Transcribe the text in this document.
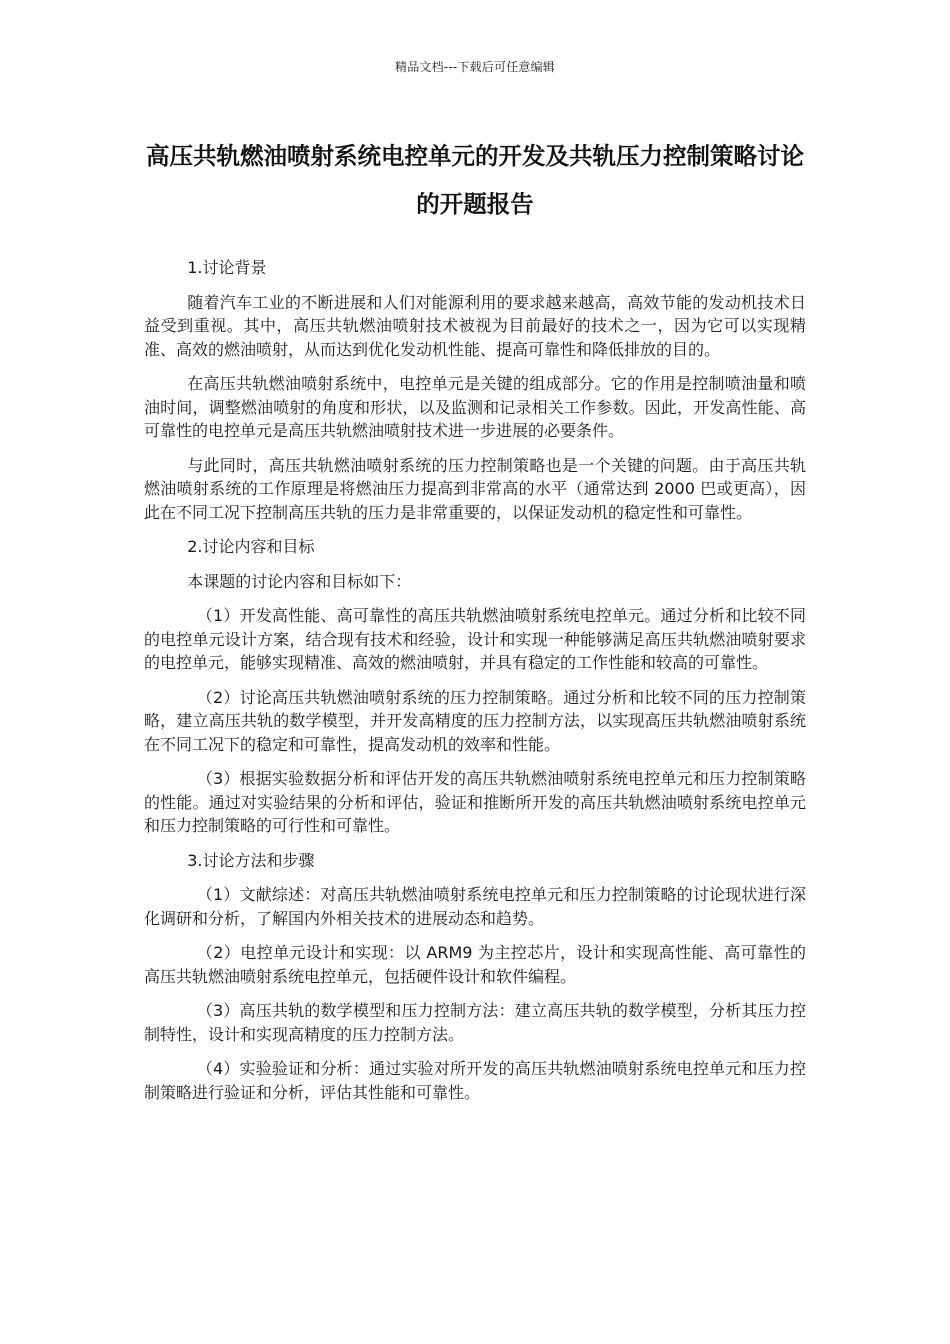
精品文档---下载后可任意编辑
高压共轨燃油喷射系统电控单元的开发及共轨压力控制策略讨论的开题报告

1.讨论背景

随着汽车工业的不断进展和人们对能源利用的要求越来越高，高效节能的发动机技术日益受到重视。其中，高压共轨燃油喷射技术被视为目前最好的技术之一，因为它可以实现精准、高效的燃油喷射，从而达到优化发动机性能、提高可靠性和降低排放的目的。

在高压共轨燃油喷射系统中，电控单元是关键的组成部分。它的作用是控制喷油量和喷油时间，调整燃油喷射的角度和形状，以及监测和记录相关工作参数。因此，开发高性能、高可靠性的电控单元是高压共轨燃油喷射技术进一步进展的必要条件。

与此同时，高压共轨燃油喷射系统的压力控制策略也是一个关键的问题。由于高压共轨燃油喷射系统的工作原理是将燃油压力提高到非常高的水平（通常达到 2000 巴或更高），因此在不同工况下控制高压共轨的压力是非常重要的，以保证发动机的稳定性和可靠性。

2.讨论内容和目标

本课题的讨论内容和目标如下：

（1）开发高性能、高可靠性的高压共轨燃油喷射系统电控单元。通过分析和比较不同的电控单元设计方案，结合现有技术和经验，设计和实现一种能够满足高压共轨燃油喷射要求的电控单元，能够实现精准、高效的燃油喷射，并具有稳定的工作性能和较高的可靠性。

（2）讨论高压共轨燃油喷射系统的压力控制策略。通过分析和比较不同的压力控制策略，建立高压共轨的数学模型，并开发高精度的压力控制方法，以实现高压共轨燃油喷射系统在不同工况下的稳定和可靠性，提高发动机的效率和性能。

（3）根据实验数据分析和评估开发的高压共轨燃油喷射系统电控单元和压力控制策略的性能。通过对实验结果的分析和评估，验证和推断所开发的高压共轨燃油喷射系统电控单元和压力控制策略的可行性和可靠性。

3.讨论方法和步骤

（1）文献综述：对高压共轨燃油喷射系统电控单元和压力控制策略的讨论现状进行深化调研和分析，了解国内外相关技术的进展动态和趋势。

（2）电控单元设计和实现：以 ARM9 为主控芯片，设计和实现高性能、高可靠性的高压共轨燃油喷射系统电控单元，包括硬件设计和软件编程。

（3）高压共轨的数学模型和压力控制方法：建立高压共轨的数学模型，分析其压力控制特性，设计和实现高精度的压力控制方法。

（4）实验验证和分析：通过实验对所开发的高压共轨燃油喷射系统电控单元和压力控制策略进行验证和分析，评估其性能和可靠性。
